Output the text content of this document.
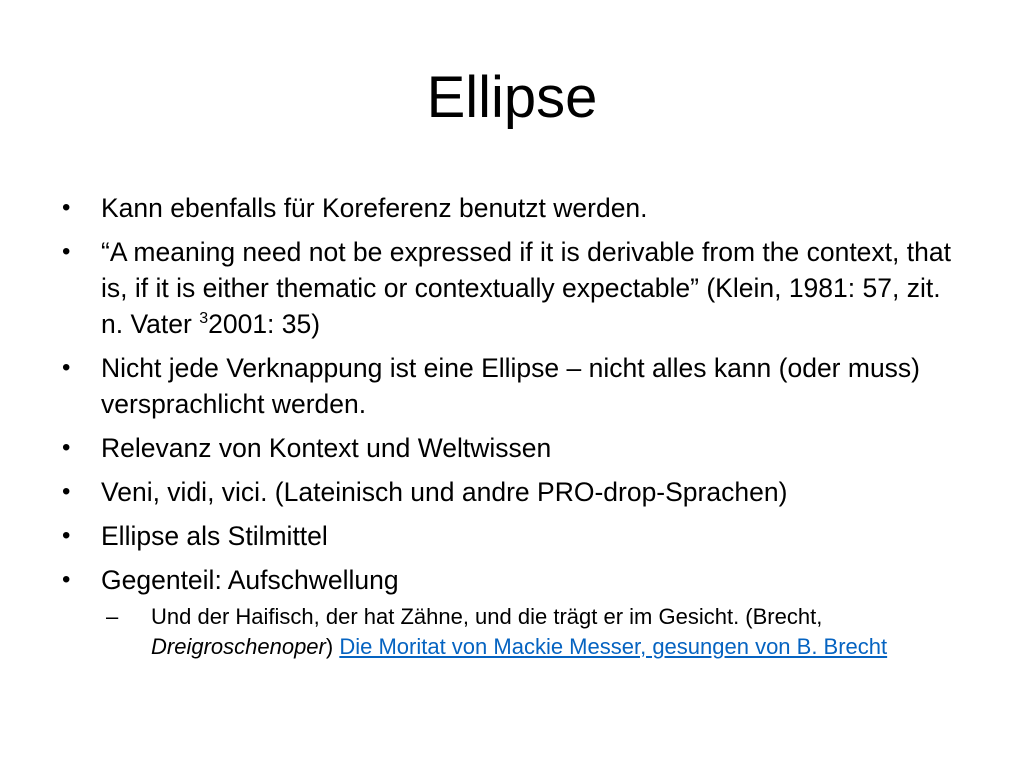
Ellipse
•	Kann ebenfalls für Koreferenz benutzt werden.
•	“A meaning need not be expressed if it is derivable from the context, that is, if it is either thematic or contextually expectable” (Klein, 1981: 57, zit. n. Vater $^3$2001: 35)
•	Nicht jede Verknappung ist eine Ellipse – nicht alles kann (oder muss) versprachlicht werden.
•	Relevanz von Kontext und Weltwissen
•	Veni, vidi, vici. (Lateinisch und andre PRO-drop-Sprachen)
•	Ellipse als Stilmittel
•	Gegenteil: Aufschwellung
–	Und der Haifisch, der hat Zähne, und die trägt er im Gesicht. (Brecht, Dreigroschenoper) Die Moritat von Mackie Messer, gesungen von B. Brecht
